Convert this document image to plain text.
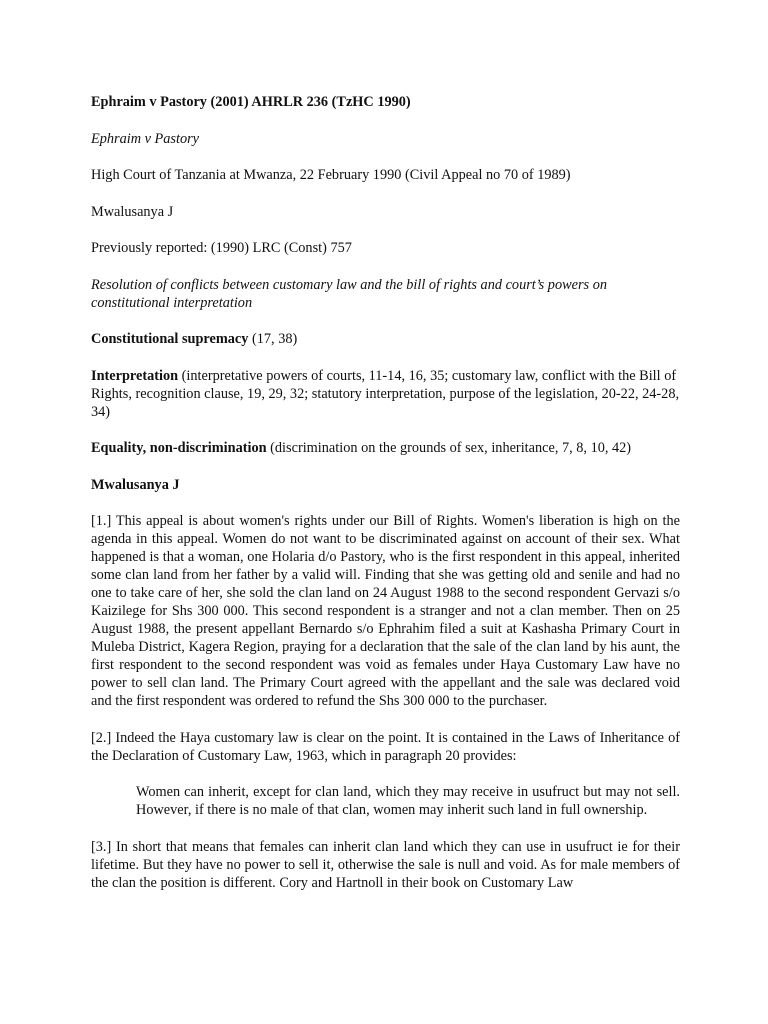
Ephraim v Pastory (2001) AHRLR 236 (TzHC 1990)

Ephraim v Pastory

High Court of Tanzania at Mwanza, 22 February 1990 (Civil Appeal no 70 of 1989)

Mwalusanya J

Previously reported: (1990) LRC (Const) 757

Resolution of conflicts between customary law and the bill of rights and court’s powers on constitutional interpretation

Constitutional supremacy (17, 38)

Interpretation (interpretative powers of courts, 11-14, 16, 35; customary law, conflict with the Bill of Rights, recognition clause, 19, 29, 32; statutory interpretation, purpose of the legislation, 20-22, 24-28, 34)

Equality, non-discrimination (discrimination on the grounds of sex, inheritance, 7, 8, 10, 42)

Mwalusanya J

[1.] This appeal is about women's rights under our Bill of Rights. Women's liberation is high on the agenda in this appeal. Women do not want to be discriminated against on account of their sex. What happened is that a woman, one Holaria d/o Pastory, who is the first respondent in this appeal, inherited some clan land from her father by a valid will. Finding that she was getting old and senile and had no one to take care of her, she sold the clan land on 24 August 1988 to the second respondent Gervazi s/o Kaizilege for Shs 300 000. This second respondent is a stranger and not a clan member. Then on 25 August 1988, the present appellant Bernardo s/o Ephrahim filed a suit at Kashasha Primary Court in Muleba District, Kagera Region, praying for a declaration that the sale of the clan land by his aunt, the first respondent to the second respondent was void as females under Haya Customary Law have no power to sell clan land. The Primary Court agreed with the appellant and the sale was declared void and the first respondent was ordered to refund the Shs 300 000 to the purchaser.

[2.] Indeed the Haya customary law is clear on the point. It is contained in the Laws of Inheritance of the Declaration of Customary Law, 1963, which in paragraph 20 provides:

Women can inherit, except for clan land, which they may receive in usufruct but may not sell. However, if there is no male of that clan, women may inherit such land in full ownership.

[3.] In short that means that females can inherit clan land which they can use in usufruct ie for their lifetime. But they have no power to sell it, otherwise the sale is null and void. As for male members of the clan the position is different. Cory and Hartnoll in their book on Customary Law
